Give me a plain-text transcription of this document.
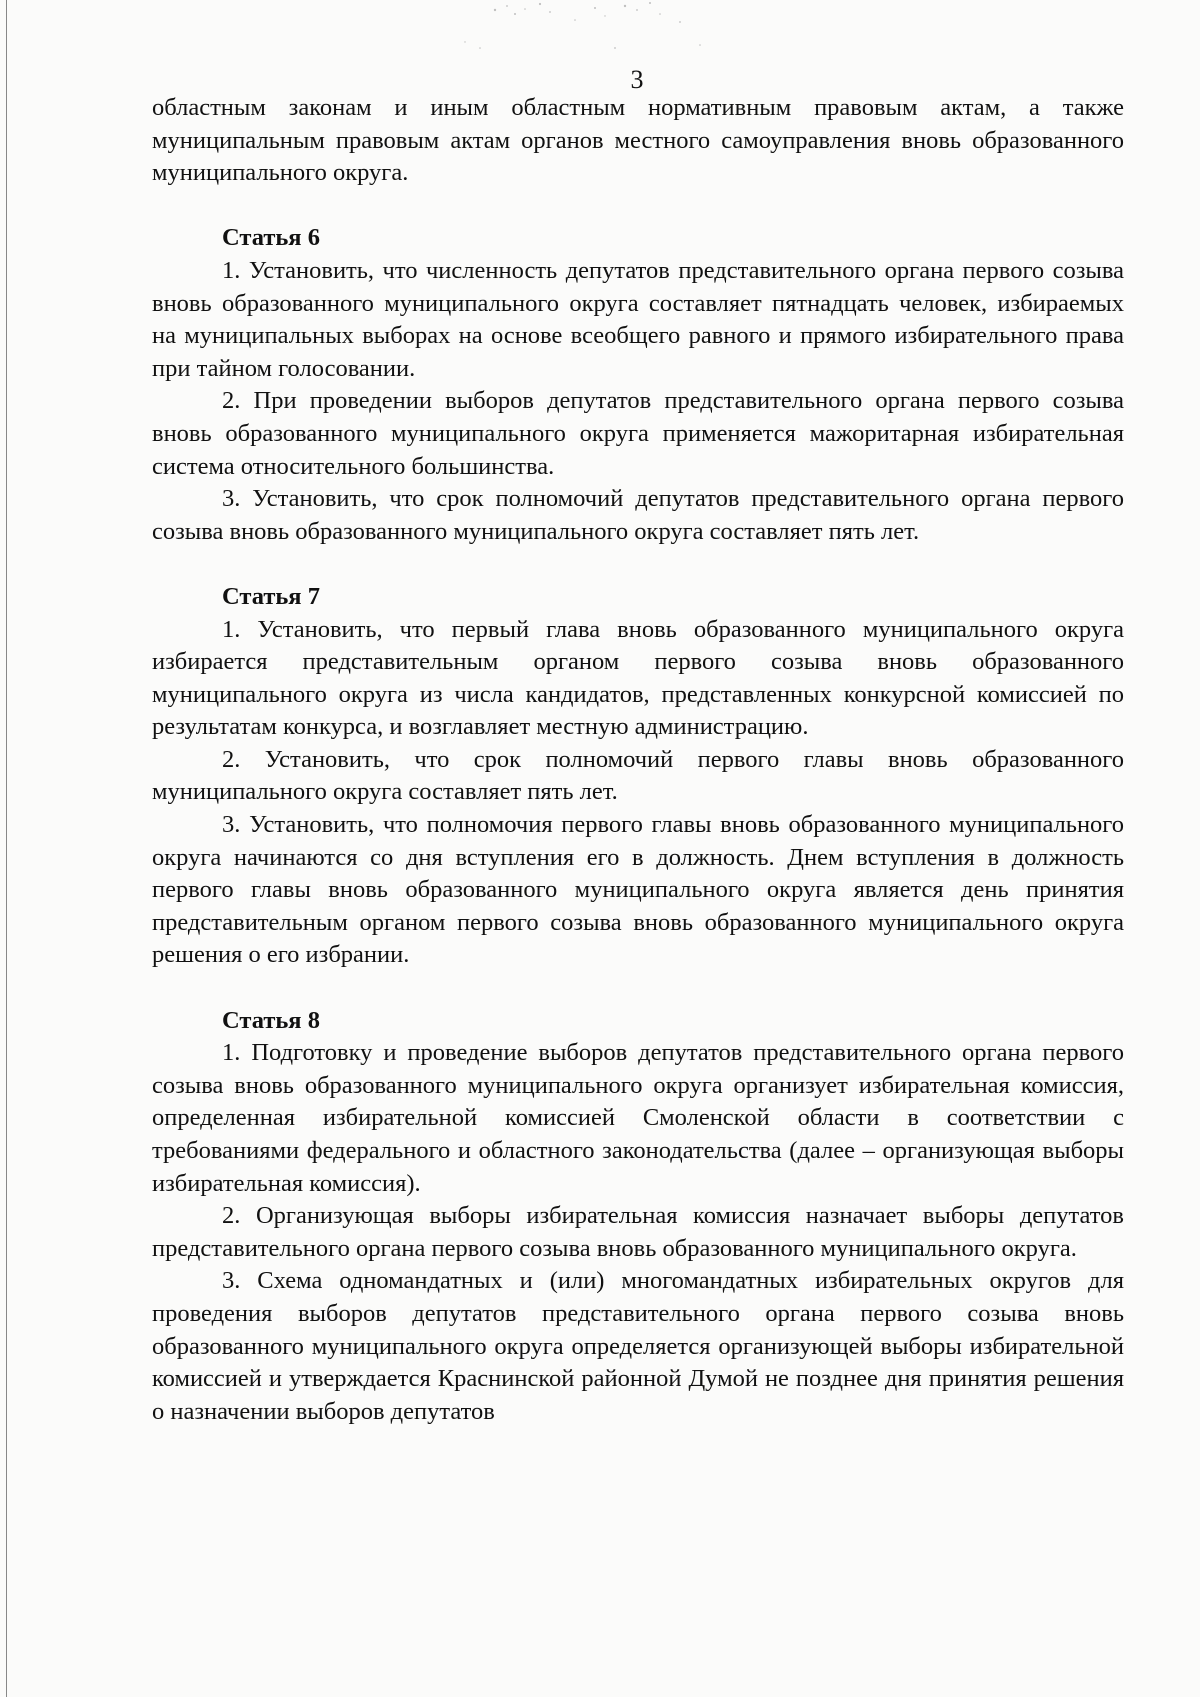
3

областным законам и иным областным нормативным правовым актам, а также муниципальным правовым актам органов местного самоуправления вновь образованного муниципального округа.

Статья 6

1. Установить, что численность депутатов представительного органа первого созыва вновь образованного муниципального округа составляет пятнадцать человек, избираемых на муниципальных выборах на основе всеобщего равного и прямого избирательного права при тайном голосовании.

2. При проведении выборов депутатов представительного органа первого созыва вновь образованного муниципального округа применяется мажоритарная избирательная система относительного большинства.

3. Установить, что срок полномочий депутатов представительного органа первого созыва вновь образованного муниципального округа составляет пять лет.

Статья 7

1. Установить, что первый глава вновь образованного муниципального округа избирается представительным органом первого созыва вновь образованного муниципального округа из числа кандидатов, представленных конкурсной комиссией по результатам конкурса, и возглавляет местную администрацию.

2. Установить, что срок полномочий первого главы вновь образованного муниципального округа составляет пять лет.

3. Установить, что полномочия первого главы вновь образованного муниципального округа начинаются со дня вступления его в должность. Днем вступления в должность первого главы вновь образованного муниципального округа является день принятия представительным органом первого созыва вновь образованного муниципального округа решения о его избрании.

Статья 8

1. Подготовку и проведение выборов депутатов представительного органа первого созыва вновь образованного муниципального округа организует избирательная комиссия, определенная избирательной комиссией Смоленской области в соответствии с требованиями федерального и областного законодательства (далее – организующая выборы избирательная комиссия).

2. Организующая выборы избирательная комиссия назначает выборы депутатов представительного органа первого созыва вновь образованного муниципального округа.

3. Схема одномандатных и (или) многомандатных избирательных округов для проведения выборов депутатов представительного органа первого созыва вновь образованного муниципального округа определяется организующей выборы избирательной комиссией и утверждается Краснинской районной Думой не позднее дня принятия решения о назначении выборов депутатов
